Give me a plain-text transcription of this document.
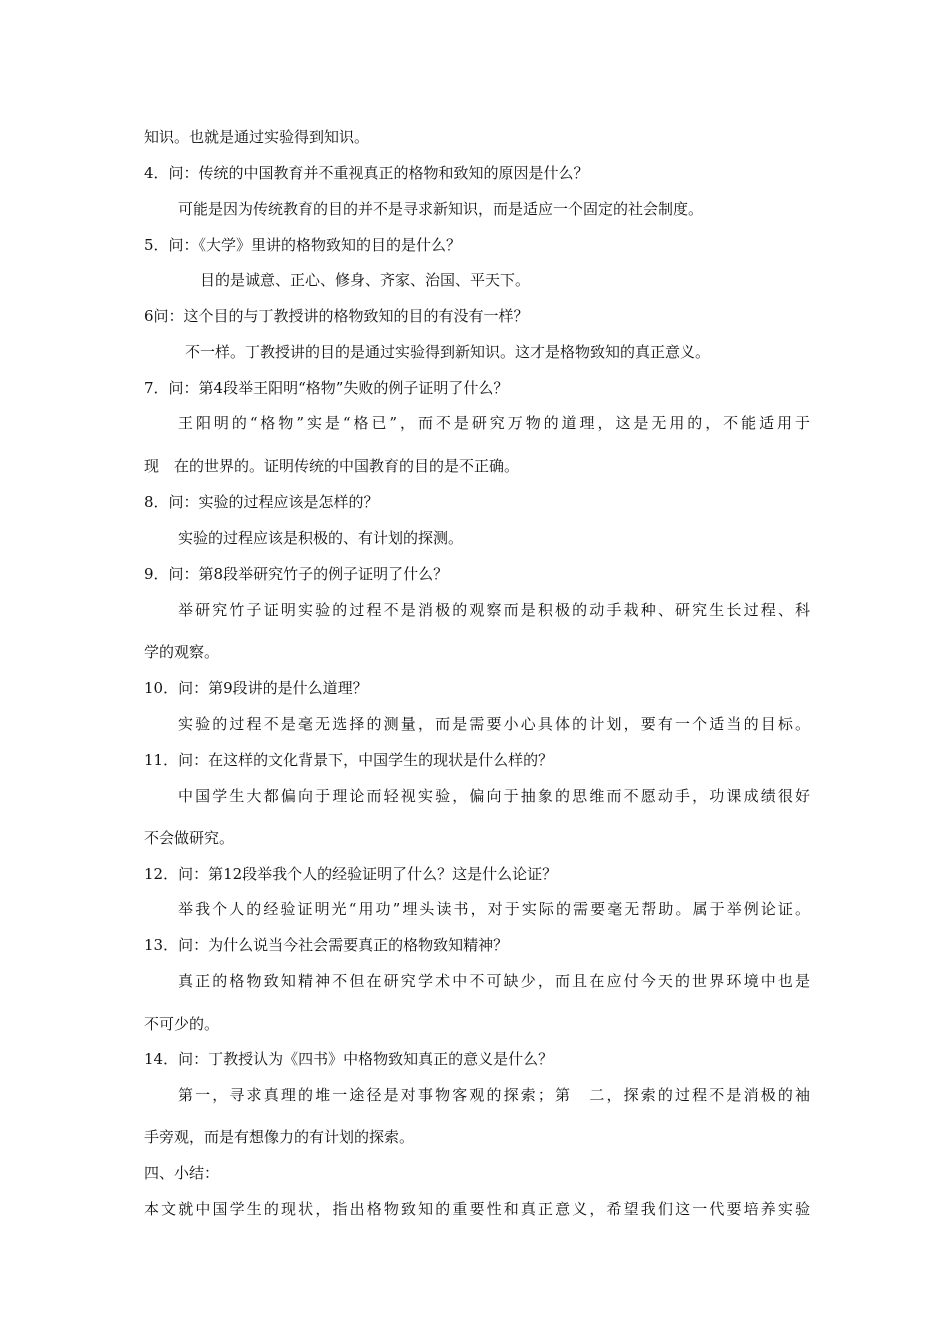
知识。也就是通过实验得到知识。
4．问：传统的中国教育并不重视真正的格物和致知的原因是什么？
可能是因为传统教育的目的并不是寻求新知识，而是适应一个固定的社会制度。
5．问：《大学》里讲的格物致知的目的是什么？
目的是诚意、正心、修身、齐家、治国、平天下。
6问：这个目的与丁教授讲的格物致知的目的有没有一样？
不一样。丁教授讲的目的是通过实验得到新知识。这才是格物致知的真正意义。
7．问：第4段举王阳明“格物”失败的例子证明了什么？
王阳明的“格物”实是“格已”，而不是研究万物的道理，这是无用的，不能适用于
现　在的世界的。证明传统的中国教育的目的是不正确。
8．问：实验的过程应该是怎样的？
实验的过程应该是积极的、有计划的探测。
9．问：第8段举研究竹子的例子证明了什么？
举研究竹子证明实验的过程不是消极的观察而是积极的动手栽种、研究生长过程、科
学的观察。
10．问：第9段讲的是什么道理？
实验的过程不是毫无选择的测量，而是需要小心具体的计划，要有一个适当的目标。
11．问：在这样的文化背景下，中国学生的现状是什么样的？
中国学生大都偏向于理论而轻视实验，偏向于抽象的思维而不愿动手，功课成绩很好
不会做研究。
12．问：第12段举我个人的经验证明了什么？这是什么论证？
举我个人的经验证明光“用功”埋头读书，对于实际的需要毫无帮助。属于举例论证。
13．问：为什么说当今社会需要真正的格物致知精神？
真正的格物致知精神不但在研究学术中不可缺少，而且在应付今天的世界环境中也是
不可少的。
14．问：丁教授认为《四书》中格物致知真正的意义是什么？
第一，寻求真理的堆一途径是对事物客观的探索；第　二，探索的过程不是消极的袖
手旁观，而是有想像力的有计划的探索。
四、小结：
本文就中国学生的现状，指出格物致知的重要性和真正意义，希望我们这一代要培养实验
